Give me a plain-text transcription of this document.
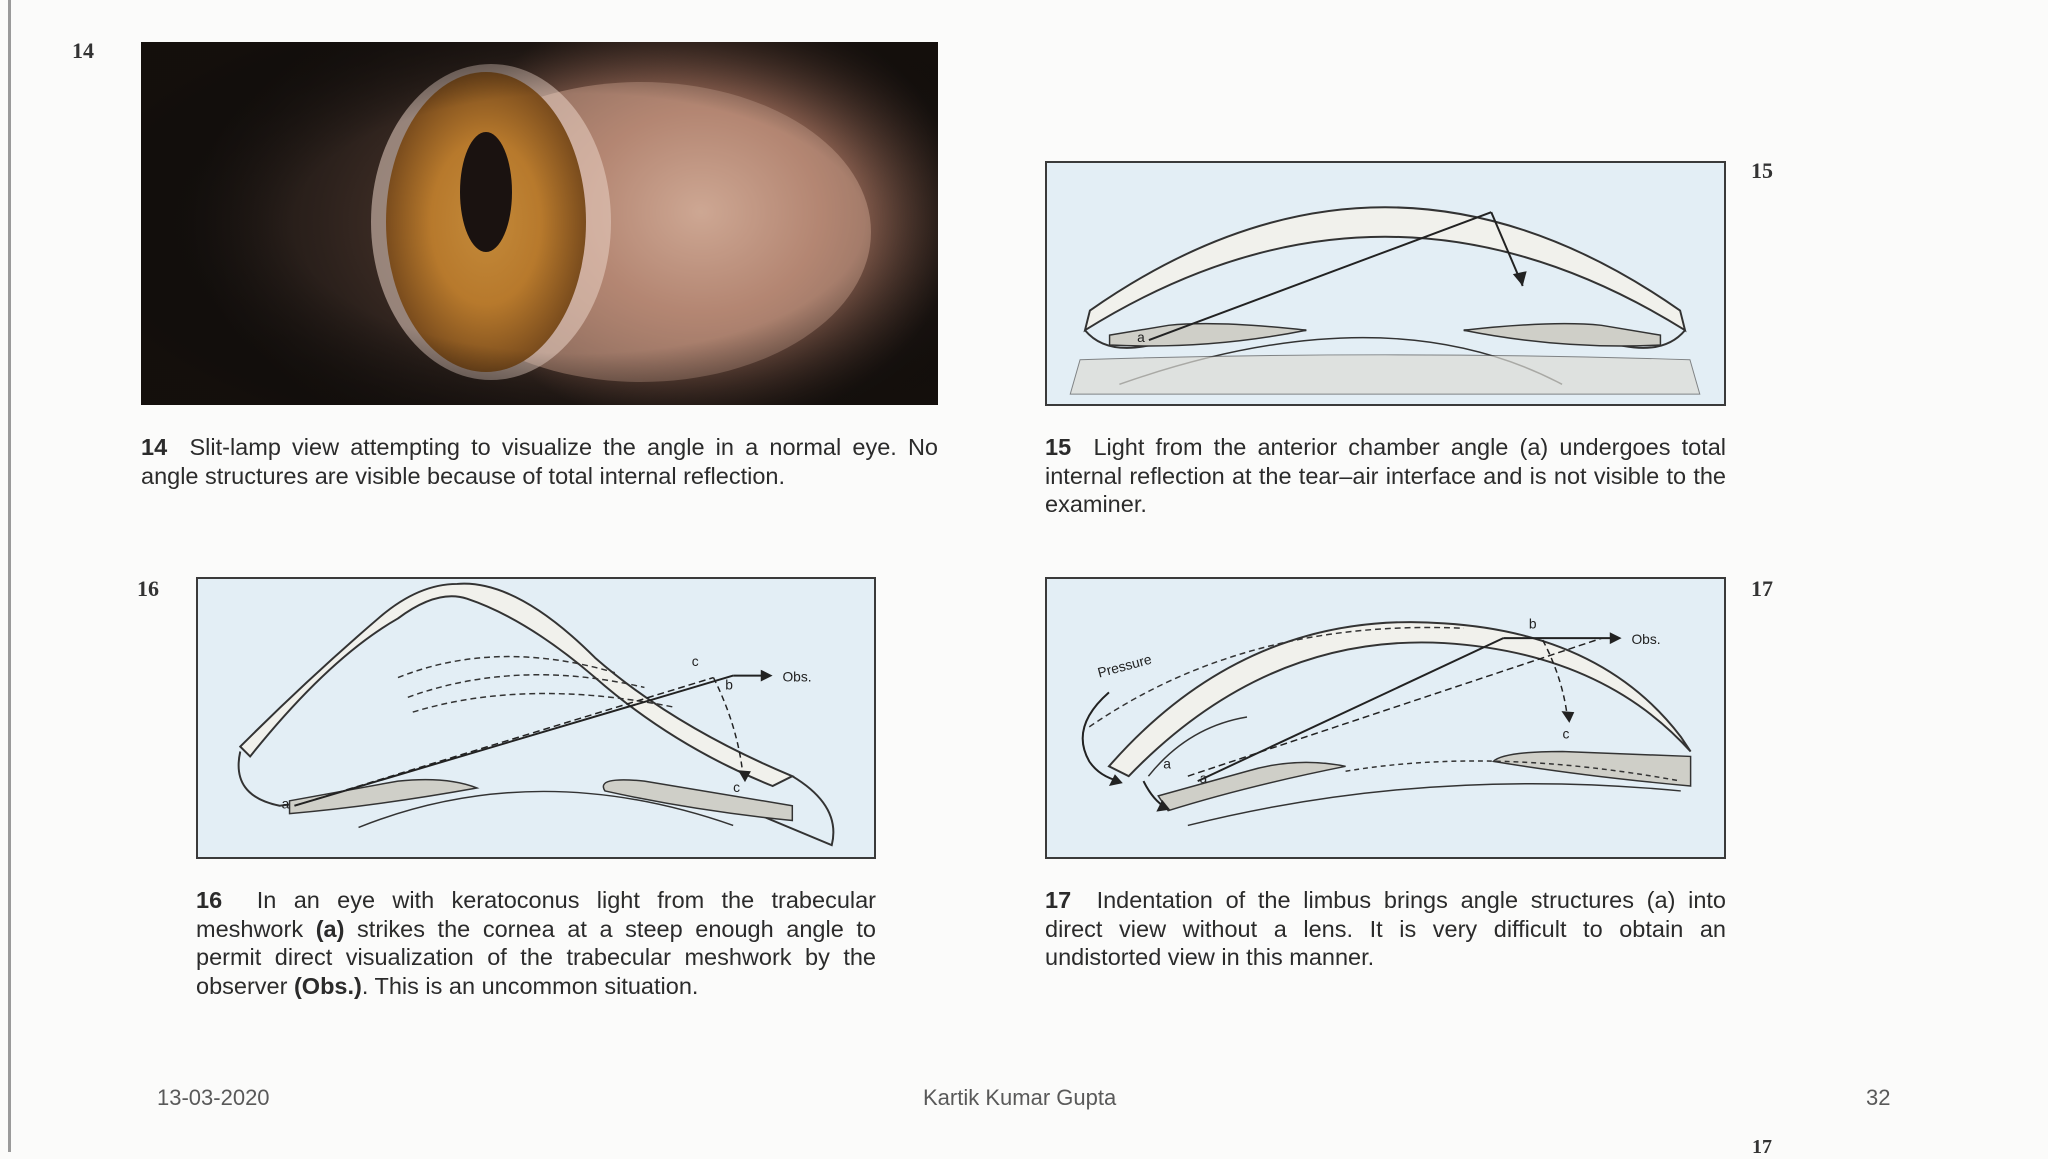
14
14 Slit-lamp view attempting to visualize the angle in a normal eye. No angle structures are visible because of total internal reflection.
15
a
15 Light from the anterior chamber angle (a) undergoes total internal reflection at the tear–air interface and is not visible to the examiner.
16
a
b
c
c
Obs.
16 In an eye with keratoconus light from the trabecular meshwork (a) strikes the cornea at a steep enough angle to permit direct visualization of the trabecular meshwork by the observer (Obs.). This is an uncommon situation.
17
Pressure
a
a
b
c
Obs.
17 Indentation of the limbus brings angle structures (a) into direct view without a lens. It is very difficult to obtain an undistorted view in this manner.
13-03-2020	Kartik Kumar Gupta	32
17
